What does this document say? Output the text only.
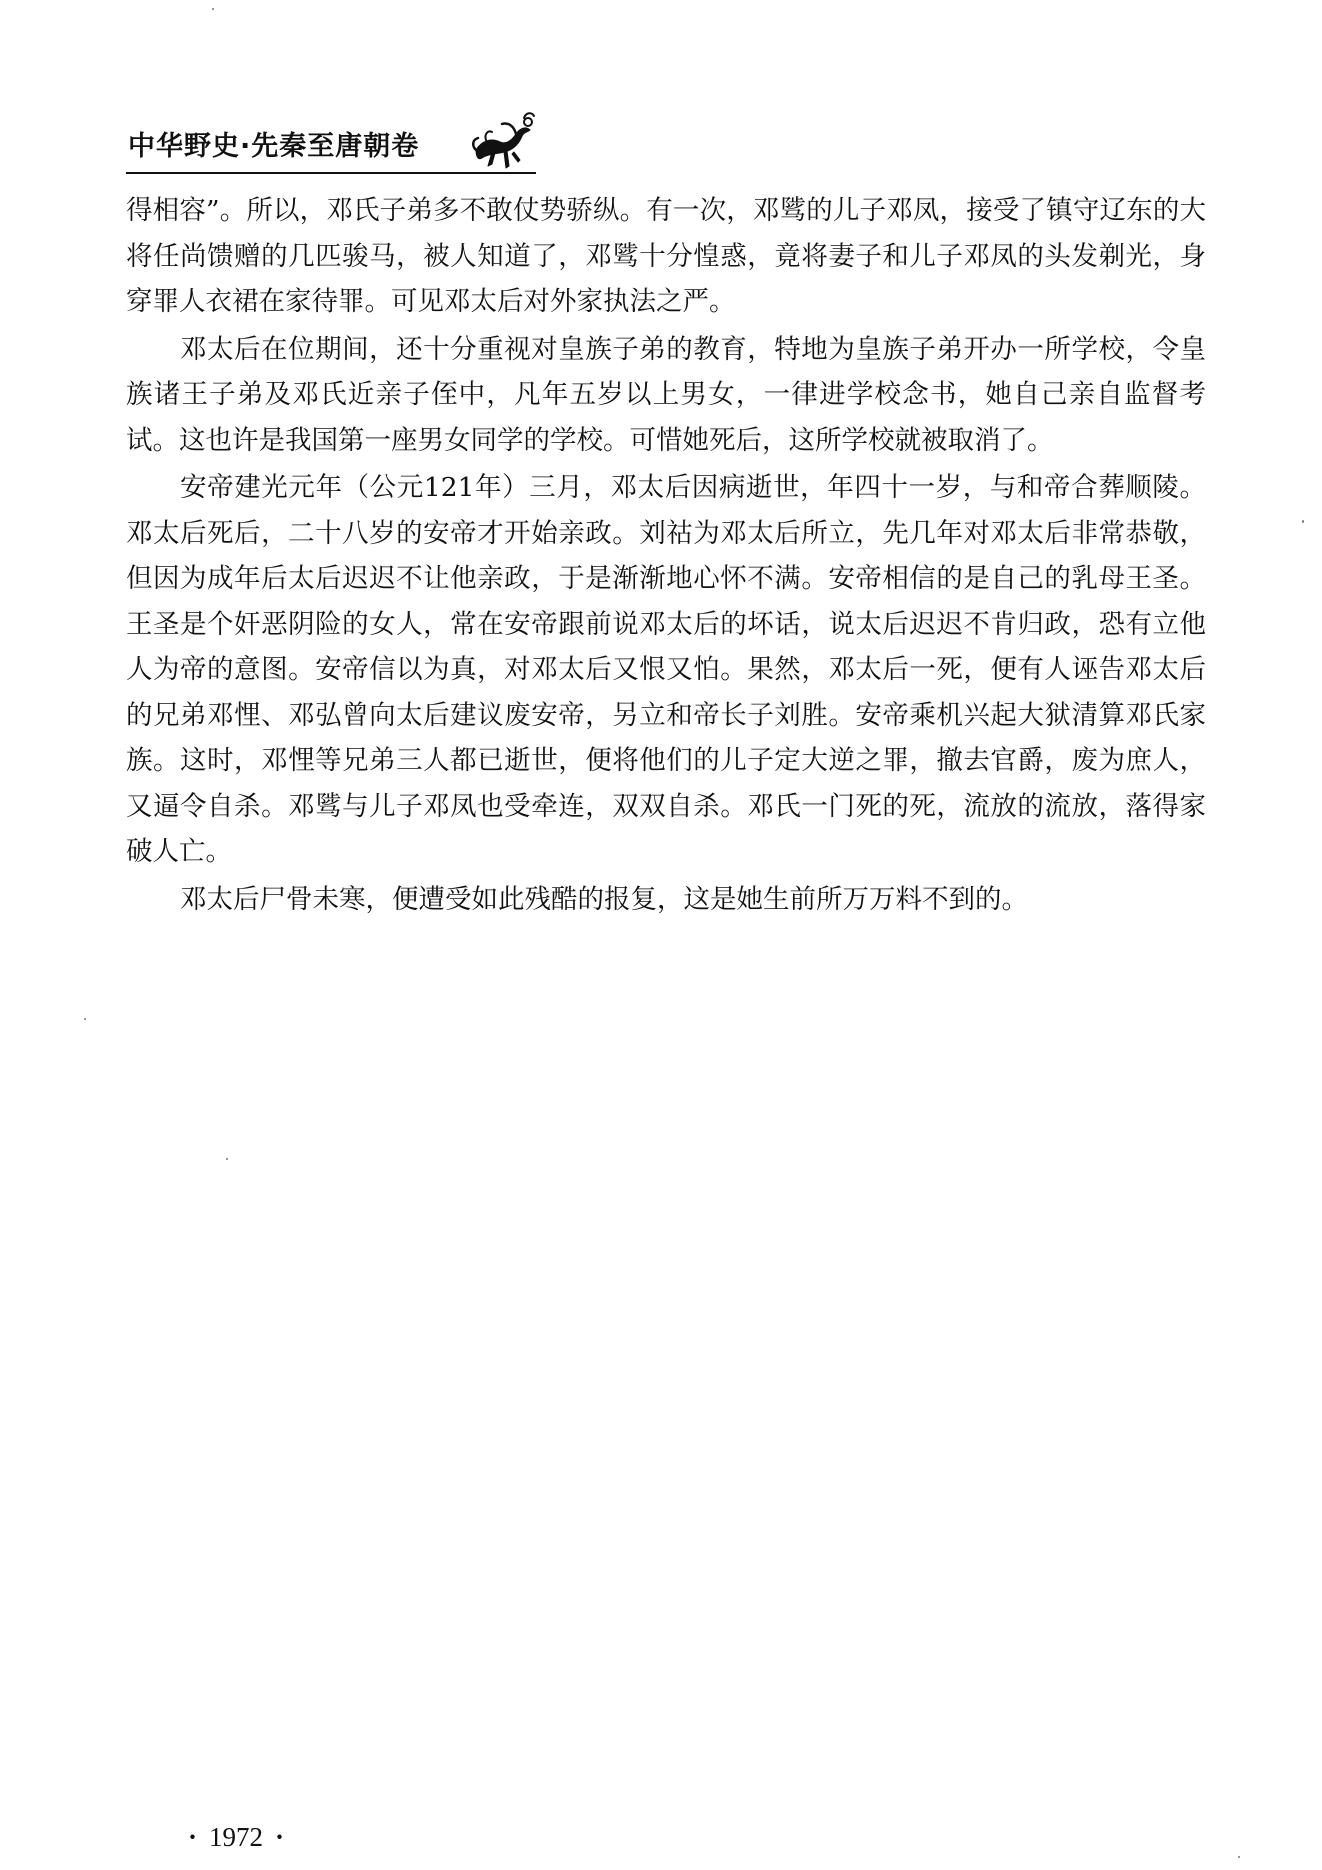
中华野史·先秦至唐朝卷

得相容”。所以，邓氏子弟多不敢仗势骄纵。有一次，邓骘的儿子邓凤，接受了镇守辽东的大将任尚馈赠的几匹骏马，被人知道了，邓骘十分惶惑，竟将妻子和儿子邓凤的头发剃光，身穿罪人衣裙在家待罪。可见邓太后对外家执法之严。

邓太后在位期间，还十分重视对皇族子弟的教育，特地为皇族子弟开办一所学校，令皇族诸王子弟及邓氏近亲子侄中，凡年五岁以上男女，一律进学校念书，她自己亲自监督考试。这也许是我国第一座男女同学的学校。可惜她死后，这所学校就被取消了。

安帝建光元年（公元121年）三月，邓太后因病逝世，年四十一岁，与和帝合葬顺陵。邓太后死后，二十八岁的安帝才开始亲政。刘祜为邓太后所立，先几年对邓太后非常恭敬，但因为成年后太后迟迟不让他亲政，于是渐渐地心怀不满。安帝相信的是自己的乳母王圣。王圣是个奸恶阴险的女人，常在安帝跟前说邓太后的坏话，说太后迟迟不肯归政，恐有立他人为帝的意图。安帝信以为真，对邓太后又恨又怕。果然，邓太后一死，便有人诬告邓太后的兄弟邓悝、邓弘曾向太后建议废安帝，另立和帝长子刘胜。安帝乘机兴起大狱清算邓氏家族。这时，邓悝等兄弟三人都已逝世，便将他们的儿子定大逆之罪，撤去官爵，废为庶人，又逼令自杀。邓骘与儿子邓凤也受牵连，双双自杀。邓氏一门死的死，流放的流放，落得家破人亡。

邓太后尸骨未寒，便遭受如此残酷的报复，这是她生前所万万料不到的。

· 1972 ·
